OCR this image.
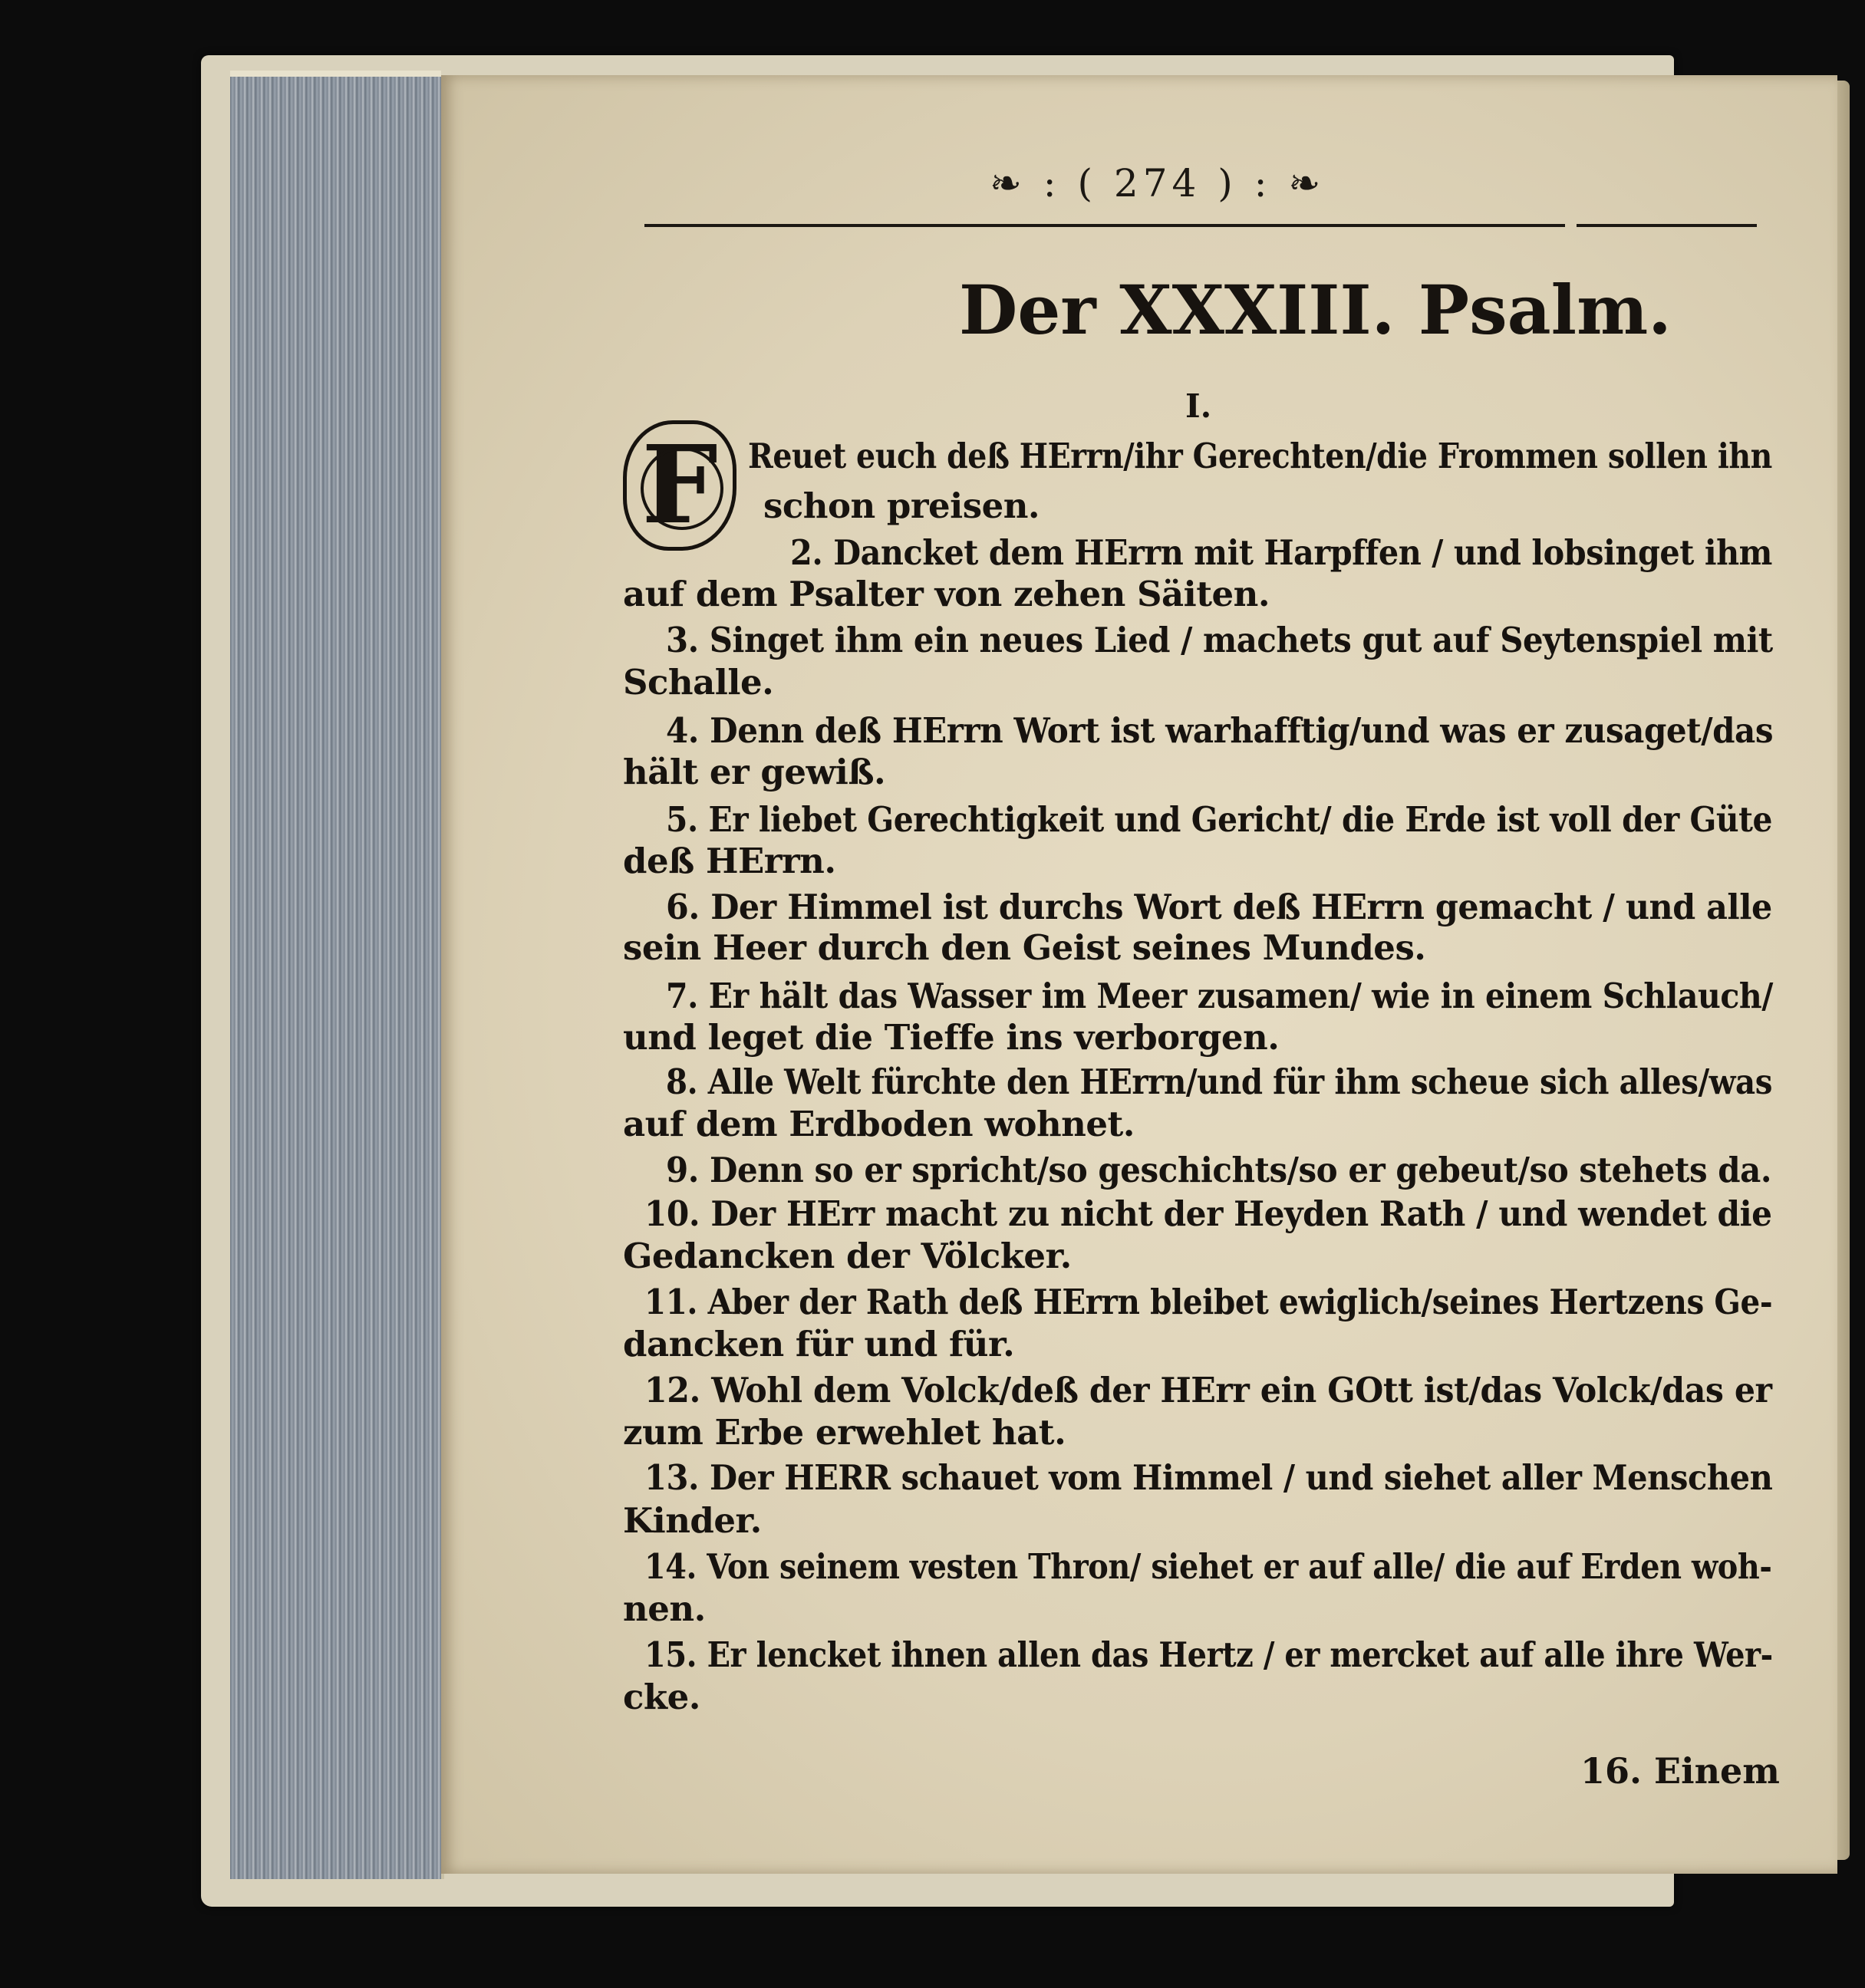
❧ : ( 274 ) : ❧
Der XXXIII. Psalm.
I.
F Reuet euch deß HErrn/ihr Gerechten/die Frommen sollen ihn
schon preisen.
2. Dancket dem HErrn mit Harpffen / und lobsinget ihm
auf dem Psalter von zehen Säiten.
3. Singet ihm ein neues Lied / machets gut auf Seytenspiel mit
Schalle.
4. Denn deß HErrn Wort ist warhafftig/und was er zusaget/das
hält er gewiß.
5. Er liebet Gerechtigkeit und Gericht/ die Erde ist voll der Güte
deß HErrn.
6. Der Himmel ist durchs Wort deß HErrn gemacht / und alle
sein Heer durch den Geist seines Mundes.
7. Er hält das Wasser im Meer zusamen/ wie in einem Schlauch/
und leget die Tieffe ins verborgen.
8. Alle Welt fürchte den HErrn/und für ihm scheue sich alles/was
auf dem Erdboden wohnet.
9. Denn so er spricht/so geschichts/so er gebeut/so stehets da.
10. Der HErr macht zu nicht der Heyden Rath / und wendet die
Gedancken der Völcker.
11. Aber der Rath deß HErrn bleibet ewiglich/seines Hertzens Ge-
dancken für und für.
12. Wohl dem Volck/deß der HErr ein GOtt ist/das Volck/das er
zum Erbe erwehlet hat.
13. Der HERR schauet vom Himmel / und siehet aller Menschen
Kinder.
14. Von seinem vesten Thron/ siehet er auf alle/ die auf Erden woh-
nen.
15. Er lencket ihnen allen das Hertz / er mercket auf alle ihre Wer-
cke.
16. Einem
